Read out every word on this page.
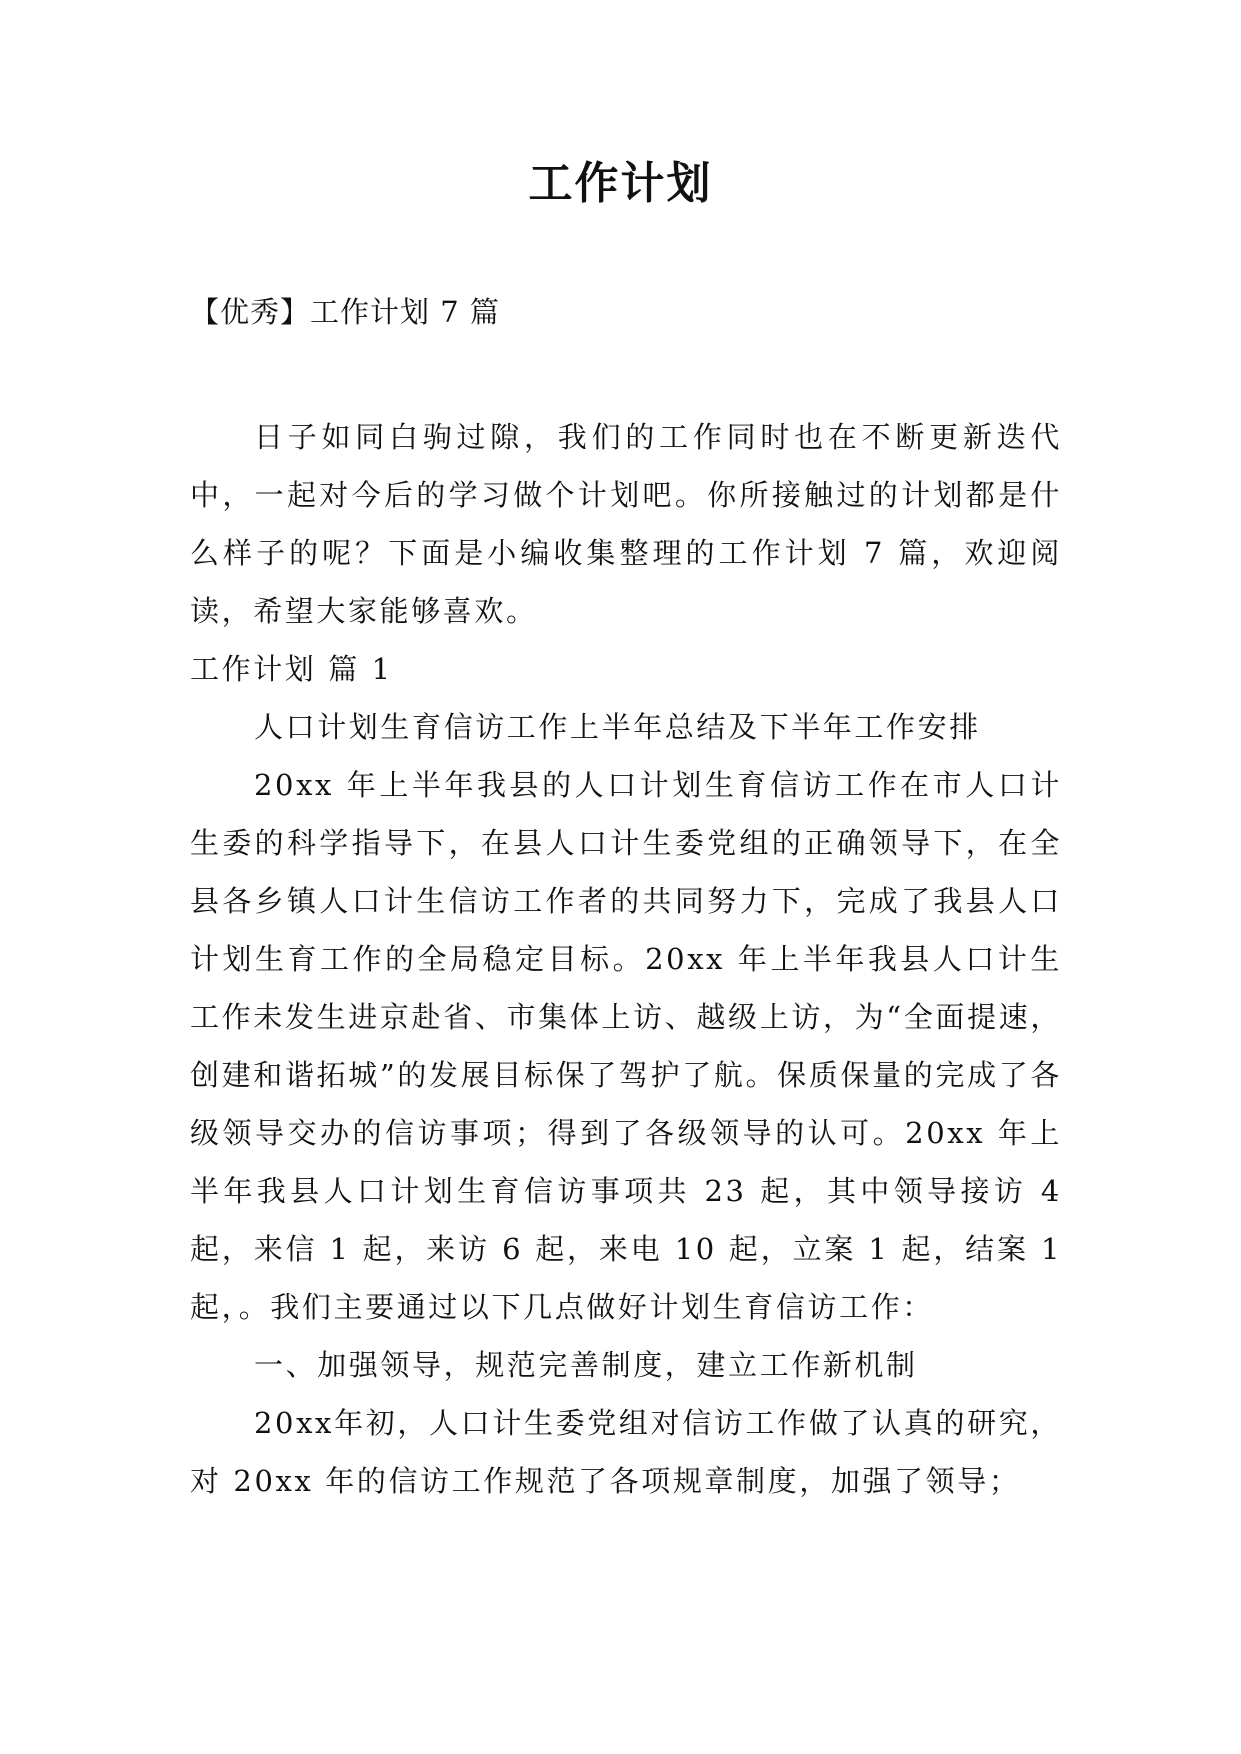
工作计划

【优秀】工作计划 7 篇

日子如同白驹过隙，我们的工作同时也在不断更新迭代中，一起对今后的学习做个计划吧。你所接触过的计划都是什么样子的呢？下面是小编收集整理的工作计划 7 篇，欢迎阅读，希望大家能够喜欢。

工作计划 篇 1

人口计划生育信访工作上半年总结及下半年工作安排

20xx 年上半年我县的人口计划生育信访工作在市人口计生委的科学指导下，在县人口计生委党组的正确领导下，在全县各乡镇人口计生信访工作者的共同努力下，完成了我县人口计划生育工作的全局稳定目标。20xx 年上半年我县人口计生工作未发生进京赴省、市集体上访、越级上访，为“全面提速，创建和谐拓城”的发展目标保了驾护了航。保质保量的完成了各级领导交办的信访事项；得到了各级领导的认可。20xx 年上半年我县人口计划生育信访事项共 23 起，其中领导接访 4 起，来信 1 起，来访 6 起，来电 10 起，立案 1 起，结案 1 起，。我们主要通过以下几点做好计划生育信访工作：

一、加强领导，规范完善制度，建立工作新机制

20xx年初，人口计生委党组对信访工作做了认真的研究，对 20xx 年的信访工作规范了各项规章制度，加强了领导；
